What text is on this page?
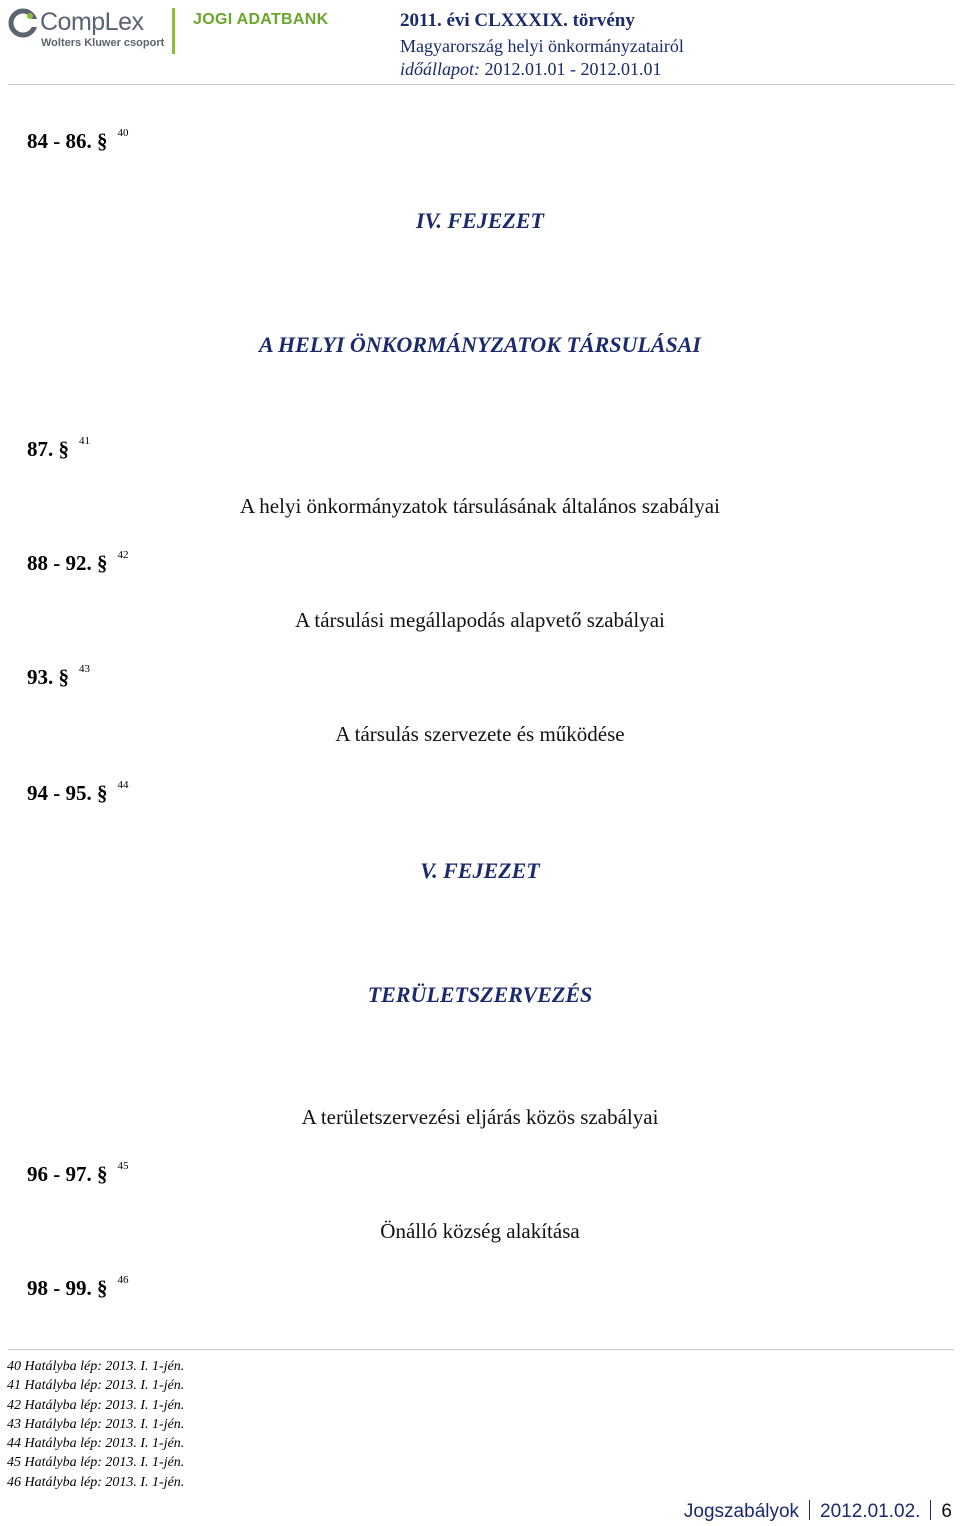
CompLex
Wolters Kluwer csoport
JOGI ADATBANK	2011. évi CLXXXIX. törvény
Magyarország helyi önkormányzatairól
időállapot: 2012.01.01 - 2012.01.01
84 - 86. § $^{40}$
IV. FEJEZET
A HELYI ÖNKORMÁNYZATOK TÁRSULÁSAI
87. § $^{41}$
A helyi önkormányzatok társulásának általános szabályai
88 - 92. § $^{42}$
A társulási megállapodás alapvető szabályai
93. § $^{43}$
A társulás szervezete és működése
94 - 95. § $^{44}$
V. FEJEZET
TERÜLETSZERVEZÉS
A területszervezési eljárás közös szabályai
96 - 97. § $^{45}$
Önálló község alakítása
98 - 99. § $^{46}$
40 Hatályba lép: 2013. I. 1-jén.
41 Hatályba lép: 2013. I. 1-jén.
42 Hatályba lép: 2013. I. 1-jén.
43 Hatályba lép: 2013. I. 1-jén.
44 Hatályba lép: 2013. I. 1-jén.
45 Hatályba lép: 2013. I. 1-jén.
46 Hatályba lép: 2013. I. 1-jén.
Jogszabályok 2012.01.02. 6
